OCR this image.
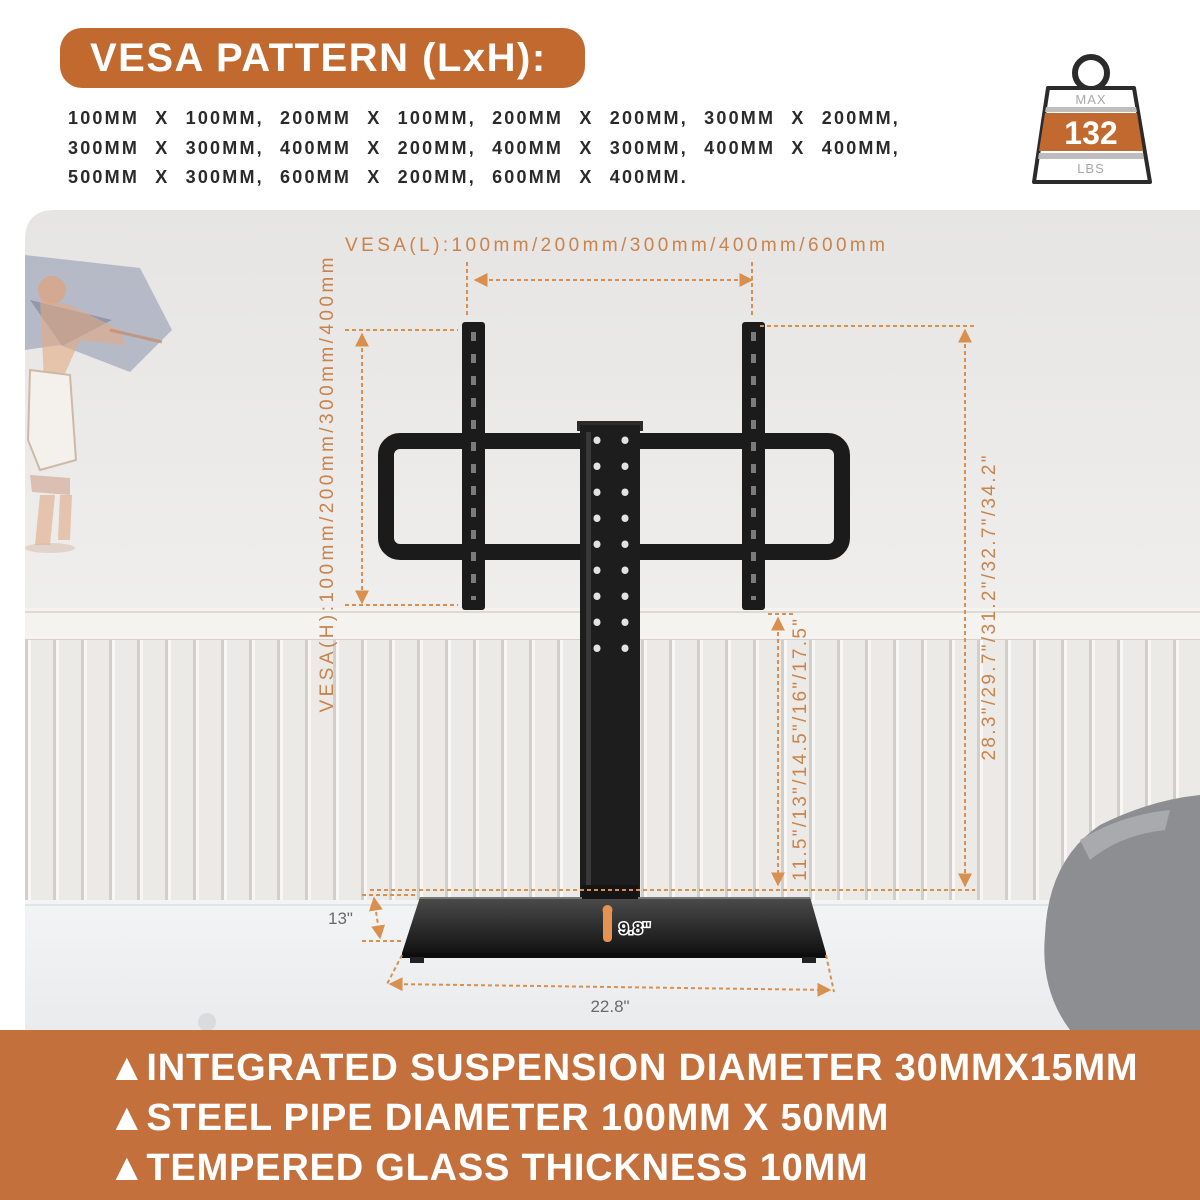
VESA(L):100mm/200mm/300mm/400mm/600mm
VESA(H):100mm/200mm/300mm/400mm
28.3"/29.7"/31.2"/32.7"/34.2"
11.5"/13"/14.5"/16"/17.5"
13"
9.8"
22.8"
VESA PATTERN (LxH):
100MM X 100MM, 200MM X 100MM, 200MM X 200MM, 300MM X 200MM,
300MM X 300MM, 400MM X 200MM, 400MM X 300MM, 400MM X 400MM,
500MM X 300MM, 600MM X 200MM, 600MM X 400MM.
MAX
132
LBS
▲INTEGRATED SUSPENSION DIAMETER 30MMX15MM
▲STEEL PIPE DIAMETER 100MM X 50MM
▲TEMPERED GLASS THICKNESS 10MM
